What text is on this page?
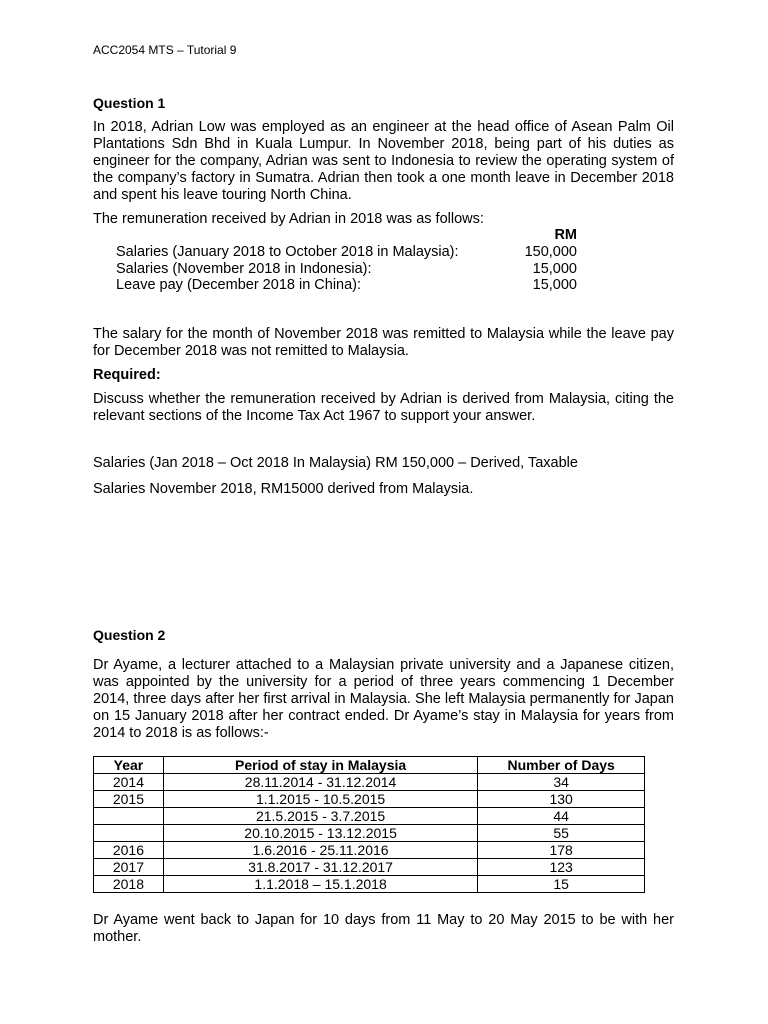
ACC2054 MTS – Tutorial 9
Question 1
In 2018, Adrian Low was employed as an engineer at the head office of Asean Palm Oil Plantations Sdn Bhd in Kuala Lumpur. In November 2018, being part of his duties as engineer for the company, Adrian was sent to Indonesia to review the operating system of the company’s factory in Sumatra. Adrian then took a one month leave in December 2018 and spent his leave touring North China.
The remuneration received by Adrian in 2018 was as follows:
RM
Salaries (January 2018 to October 2018 in Malaysia):	150,000
Salaries (November 2018 in Indonesia):	15,000
Leave pay (December 2018 in China):	15,000
The salary for the month of November 2018 was remitted to Malaysia while the leave pay for December 2018 was not remitted to Malaysia.
Required:
Discuss whether the remuneration received by Adrian is derived from Malaysia, citing the relevant sections of the Income Tax Act 1967 to support your answer.
Salaries (Jan 2018 – Oct 2018 In Malaysia) RM 150,000 – Derived, Taxable
Salaries November 2018, RM15000 derived from Malaysia.
Question 2
Dr Ayame, a lecturer attached to a Malaysian private university and a Japanese citizen, was appointed by the university for a period of three years commencing 1 December 2014, three days after her first arrival in Malaysia. She left Malaysia permanently for Japan on 15 January 2018 after her contract ended. Dr Ayame’s stay in Malaysia for years from 2014 to 2018 is as follows:-
Year	Period of stay in Malaysia	Number of Days
2014	28.11.2014 - 31.12.2014	34
2015	1.1.2015 - 10.5.2015	130
	21.5.2015 - 3.7.2015	44
	20.10.2015 - 13.12.2015	55
2016	1.6.2016 - 25.11.2016	178
2017	31.8.2017 - 31.12.2017	123
2018	1.1.2018 – 15.1.2018	15
Dr Ayame went back to Japan for 10 days from 11 May to 20 May 2015 to be with her mother.
